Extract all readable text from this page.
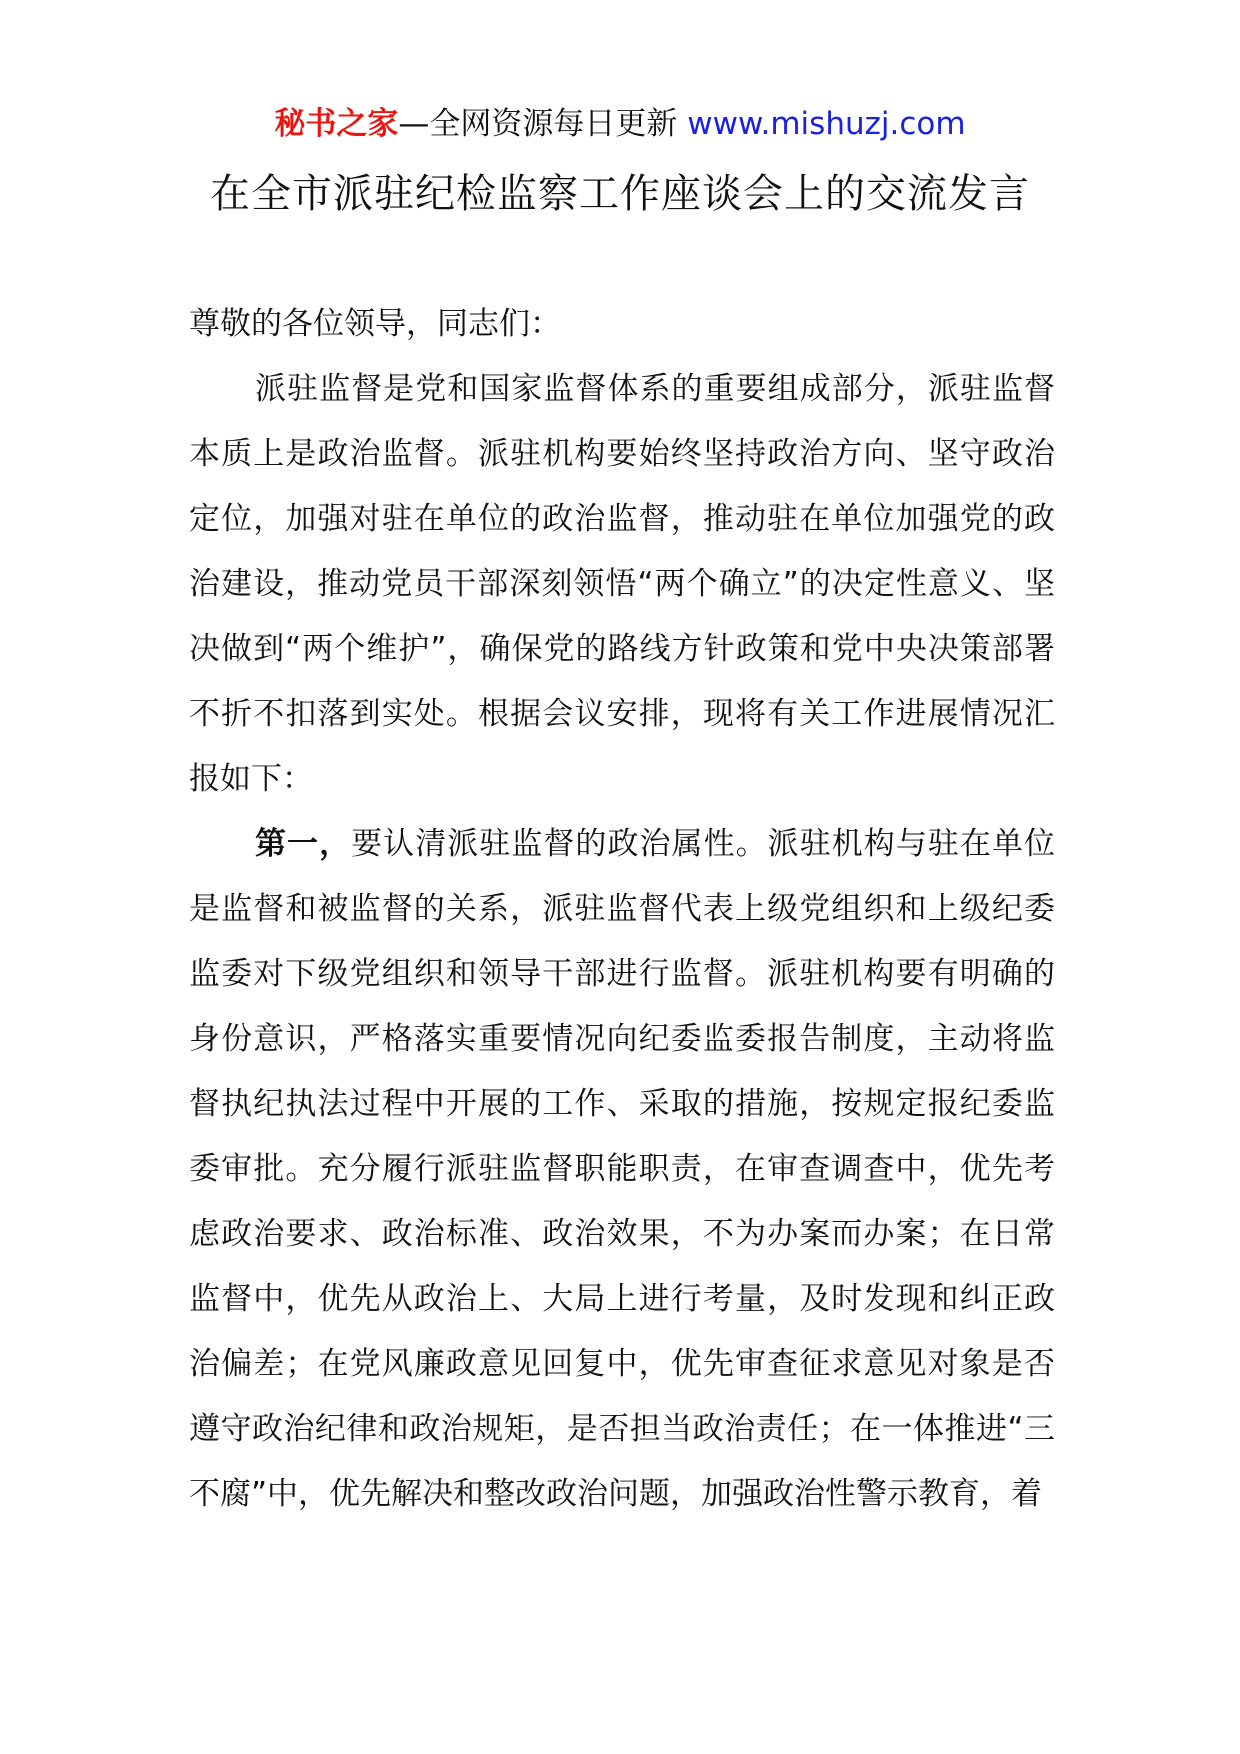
秘书之家—全网资源每日更新 www.mishuzj.com
在全市派驻纪检监察工作座谈会上的交流发言

尊敬的各位领导，同志们：

派驻监督是党和国家监督体系的重要组成部分，派驻监督本质上是政治监督。派驻机构要始终坚持政治方向、坚守政治定位，加强对驻在单位的政治监督，推动驻在单位加强党的政治建设，推动党员干部深刻领悟“两个确立”的决定性意义、坚决做到“两个维护”，确保党的路线方针政策和党中央决策部署不折不扣落到实处。根据会议安排，现将有关工作进展情况汇报如下：

第一，要认清派驻监督的政治属性。派驻机构与驻在单位是监督和被监督的关系，派驻监督代表上级党组织和上级纪委监委对下级党组织和领导干部进行监督。派驻机构要有明确的身份意识，严格落实重要情况向纪委监委报告制度，主动将监督执纪执法过程中开展的工作、采取的措施，按规定报纪委监委审批。充分履行派驻监督职能职责，在审查调查中，优先考虑政治要求、政治标准、政治效果，不为办案而办案；在日常监督中，优先从政治上、大局上进行考量，及时发现和纠正政治偏差；在党风廉政意见回复中，优先审查征求意见对象是否遵守政治纪律和政治规矩，是否担当政治责任；在一体推进“三不腐”中，优先解决和整改政治问题，加强政治性警示教育，着
